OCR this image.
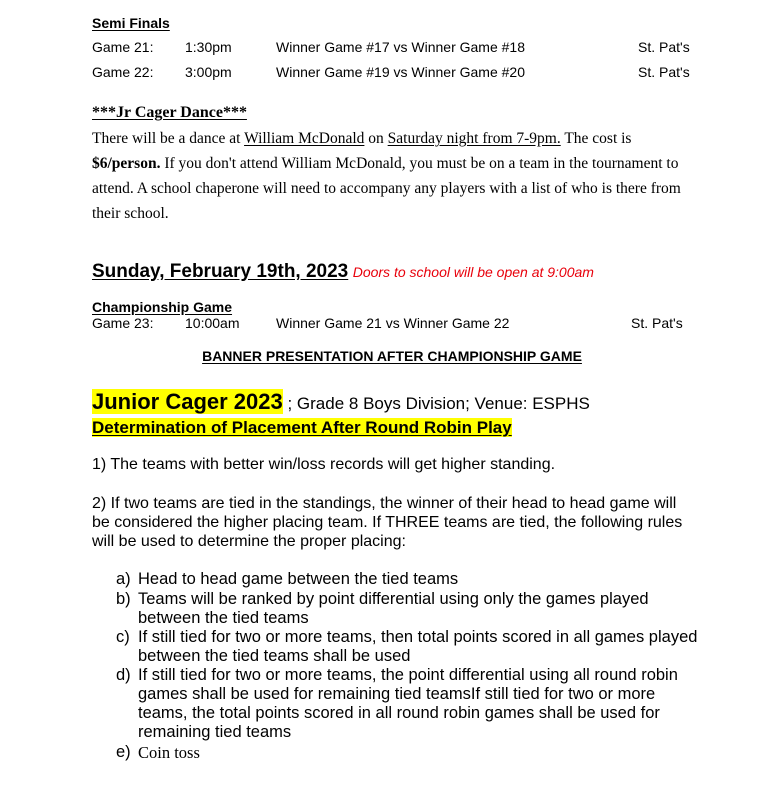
Semi Finals
Game 21: 1:30pm	Winner Game #17 vs Winner Game #18	St. Pat's
Game 22: 3:00pm	Winner Game #19 vs Winner Game #20	St. Pat's
***Jr Cager Dance***
There will be a dance at William McDonald on Saturday night from 7-9pm. The cost is $6/person. If you don't attend William McDonald, you must be on a team in the tournament to attend. A school chaperone will need to accompany any players with a list of who is there from their school.
Sunday, February 19th, 2023 Doors to school will be open at 9:00am
Championship Game
Game 23: 10:00am	Winner Game 21 vs Winner Game 22	St. Pat's
BANNER PRESENTATION AFTER CHAMPIONSHIP GAME
Junior Cager 2023 ; Grade 8 Boys Division; Venue: ESPHS
Determination of Placement After Round Robin Play
1) The teams with better win/loss records will get higher standing.
2) If two teams are tied in the standings, the winner of their head to head game will be considered the higher placing team. If THREE teams are tied, the following rules will be used to determine the proper placing:
a) Head to head game between the tied teams
b) Teams will be ranked by point differential using only the games played between the tied teams
c) If still tied for two or more teams, then total points scored in all games played between the tied teams shall be used
d) If still tied for two or more teams, the point differential using all round robin games shall be used for remaining tied teamsIf still tied for two or more teams, the total points scored in all round robin games shall be used for remaining tied teams
e) Coin toss
